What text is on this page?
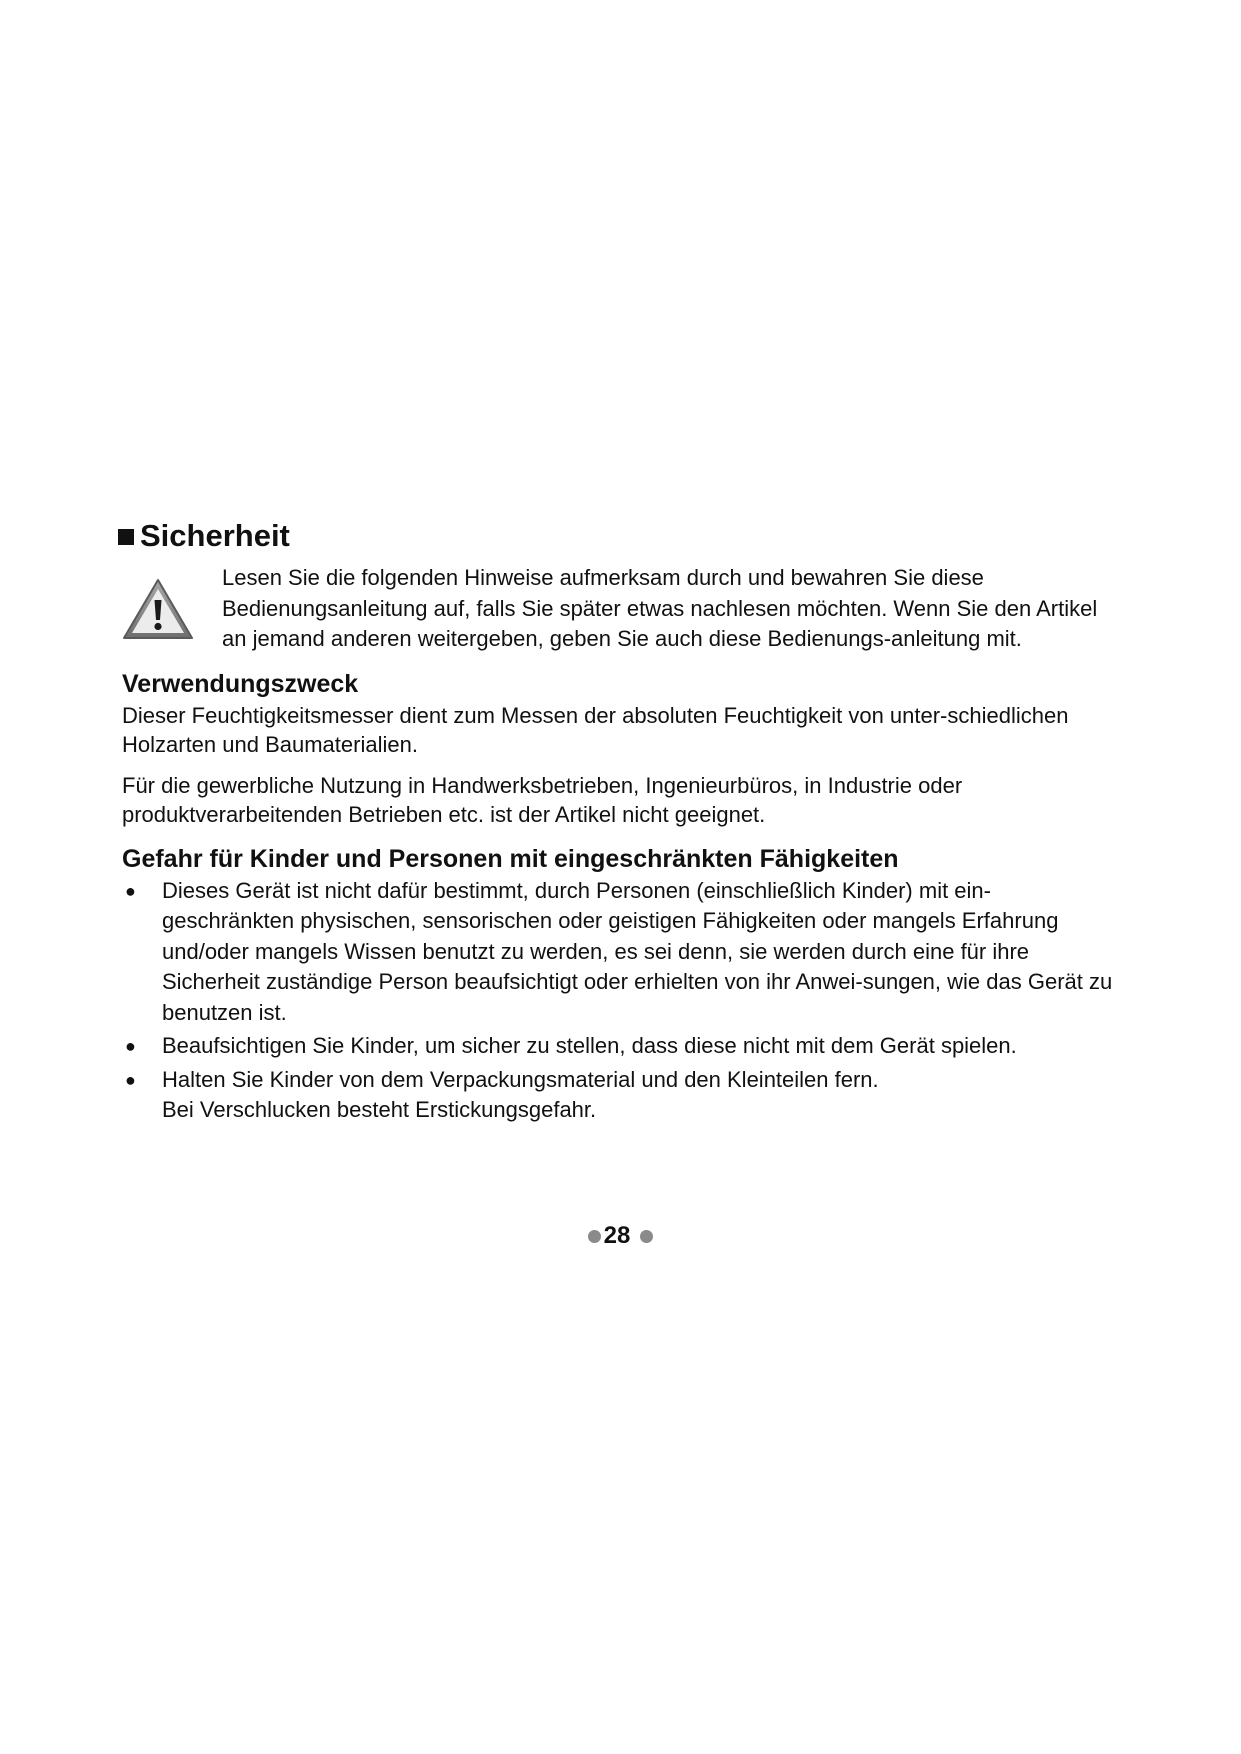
Sicherheit
Lesen Sie die folgenden Hinweise aufmerksam durch und bewahren Sie diese Bedienungsanleitung auf, falls Sie später etwas nachlesen möchten. Wenn Sie den Artikel an jemand anderen weitergeben, geben Sie auch diese Bedienungs-anleitung mit.
Verwendungszweck

Dieser Feuchtigkeitsmesser dient zum Messen der absoluten Feuchtigkeit von unter-schiedlichen Holzarten und Baumaterialien.

Für die gewerbliche Nutzung in Handwerksbetrieben, Ingenieurbüros, in Industrie oder produktverarbeitenden Betrieben etc. ist der Artikel nicht geeignet.

Gefahr für Kinder und Personen mit eingeschränkten Fähigkeiten
●	Dieses Gerät ist nicht dafür bestimmt, durch Personen (einschließlich Kinder) mit ein-geschränkten physischen, sensorischen oder geistigen Fähigkeiten oder mangels Erfahrung und/oder mangels Wissen benutzt zu werden, es sei denn, sie werden durch eine für ihre Sicherheit zuständige Person beaufsichtigt oder erhielten von ihr Anwei-sungen, wie das Gerät zu benutzen ist.
●	Beaufsichtigen Sie Kinder, um sicher zu stellen, dass diese nicht mit dem Gerät spielen.
●	Halten Sie Kinder von dem Verpackungsmaterial und den Kleinteilen fern.
Bei Verschlucken besteht Erstickungsgefahr.
28
